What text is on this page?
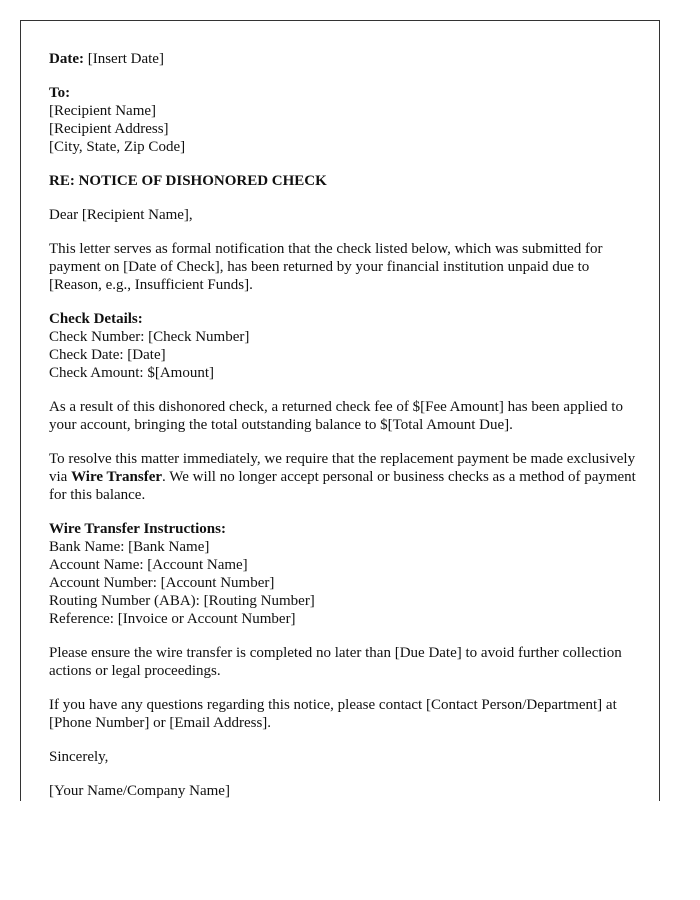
Date: [Insert Date]

To:
[Recipient Name]
[Recipient Address]
[City, State, Zip Code]

RE: NOTICE OF DISHONORED CHECK

Dear [Recipient Name],

This letter serves as formal notification that the check listed below, which was submitted for payment on [Date of Check], has been returned by your financial institution unpaid due to [Reason, e.g., Insufficient Funds].

Check Details:
Check Number: [Check Number]
Check Date: [Date]
Check Amount: $[Amount]

As a result of this dishonored check, a returned check fee of $[Fee Amount] has been applied to your account, bringing the total outstanding balance to $[Total Amount Due].

To resolve this matter immediately, we require that the replacement payment be made exclusively via Wire Transfer. We will no longer accept personal or business checks as a method of payment for this balance.

Wire Transfer Instructions:
Bank Name: [Bank Name]
Account Name: [Account Name]
Account Number: [Account Number]
Routing Number (ABA): [Routing Number]
Reference: [Invoice or Account Number]

Please ensure the wire transfer is completed no later than [Due Date] to avoid further collection actions or legal proceedings.

If you have any questions regarding this notice, please contact [Contact Person/Department] at [Phone Number] or [Email Address].

Sincerely,

[Your Name/Company Name]
